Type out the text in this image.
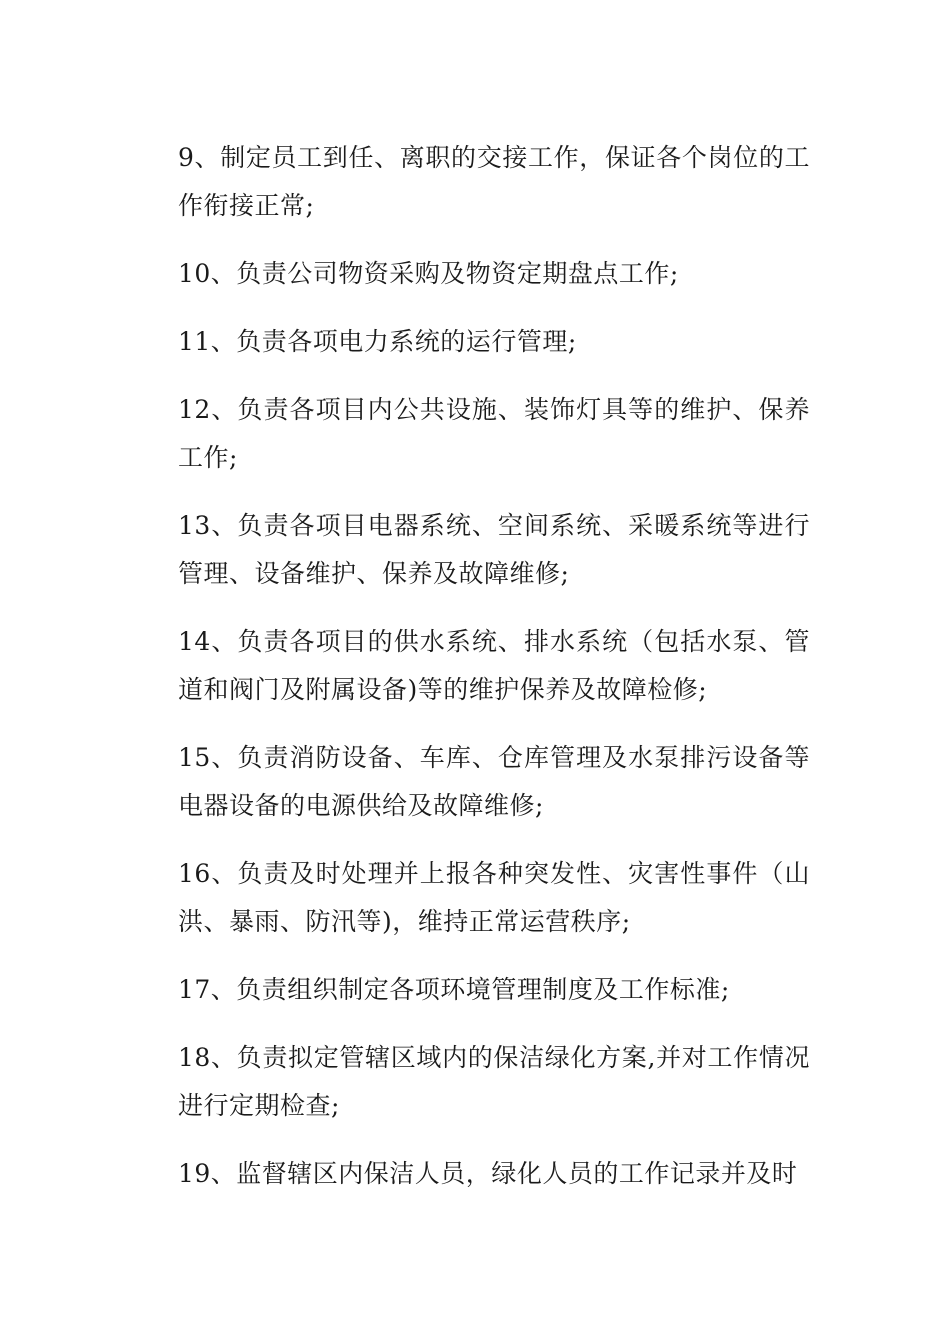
9、制定员工到任、离职的交接工作，保证各个岗位的工作衔接正常;

10、负责公司物资采购及物资定期盘点工作;

11、负责各项电力系统的运行管理;

12、负责各项目内公共设施、装饰灯具等的维护、保养工作;

13、负责各项目电器系统、空间系统、采暖系统等进行管理、设备维护、保养及故障维修;

14、负责各项目的供水系统、排水系统（包括水泵、管道和阀门及附属设备)等的维护保养及故障检修;

15、负责消防设备、车库、仓库管理及水泵排污设备等电器设备的电源供给及故障维修;

16、负责及时处理并上报各种突发性、灾害性事件（山洪、暴雨、防汛等)，维持正常运营秩序;

17、负责组织制定各项环境管理制度及工作标准;

18、负责拟定管辖区域内的保洁绿化方案,并对工作情况进行定期检查;

19、监督辖区内保洁人员，绿化人员的工作记录并及时
